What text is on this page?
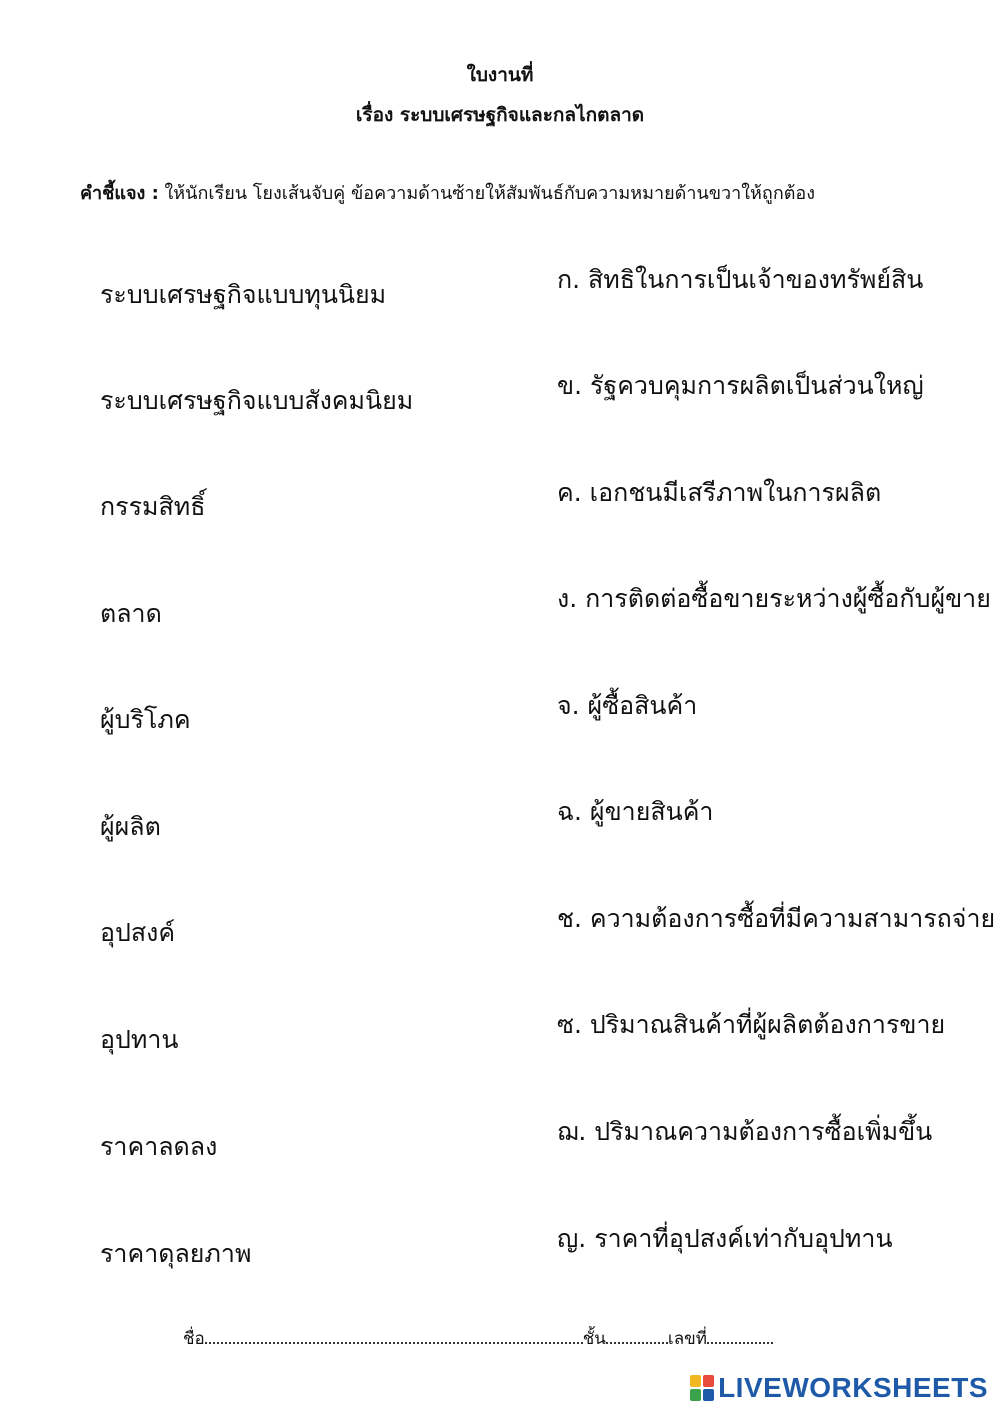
ใบงานที่
เรื่อง ระบบเศรษฐกิจและกลไกตลาด
คำชี้แจง : ให้นักเรียน โยงเส้นจับคู่ ข้อความด้านซ้ายให้สัมพันธ์กับความหมายด้านขวาให้ถูกต้อง
ระบบเศรษฐกิจแบบทุนนิยม
ระบบเศรษฐกิจแบบสังคมนิยม
กรรมสิทธิ์
ตลาด
ผู้บริโภค
ผู้ผลิต
อุปสงค์
อุปทาน
ราคาลดลง
ราคาดุลยภาพ
ก. สิทธิในการเป็นเจ้าของทรัพย์สิน
ข. รัฐควบคุมการผลิตเป็นส่วนใหญ่
ค. เอกชนมีเสรีภาพในการผลิต
ง. การติดต่อซื้อขายระหว่างผู้ซื้อกับผู้ขาย
จ. ผู้ซื้อสินค้า
ฉ. ผู้ขายสินค้า
ช. ความต้องการซื้อที่มีความสามารถจ่าย
ซ. ปริมาณสินค้าที่ผู้ผลิตต้องการขาย
ฌ. ปริมาณความต้องการซื้อเพิ่มขึ้น
ญ. ราคาที่อุปสงค์เท่ากับอุปทาน
ชื่อ	ชั้น	เลขที่
LIVEWORKSHEETS
